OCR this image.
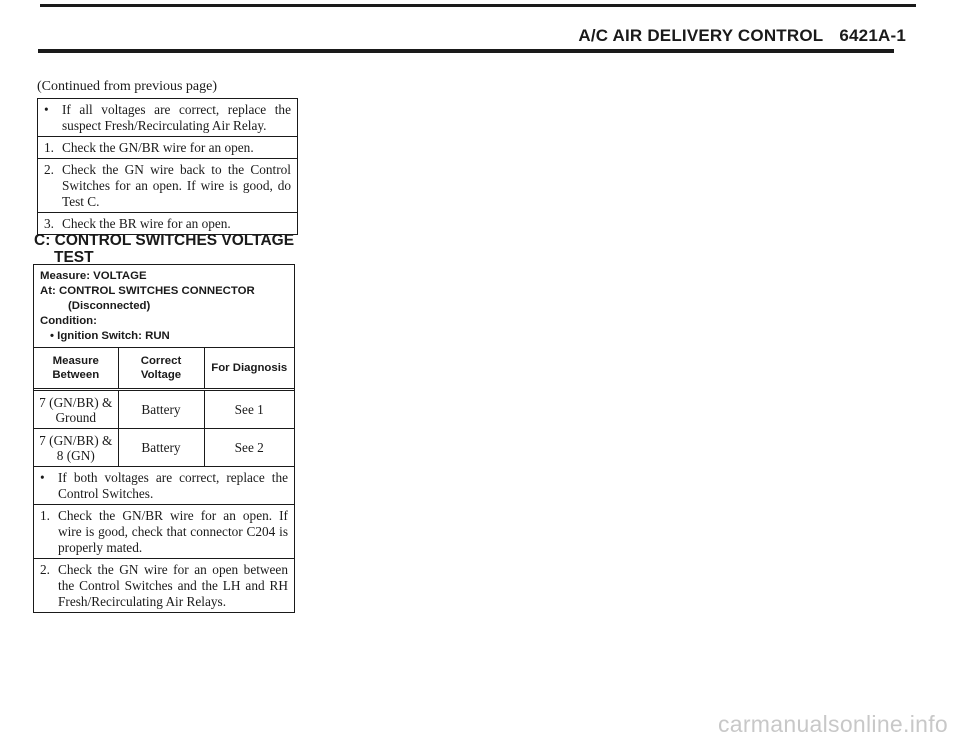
A/C AIR DELIVERY CONTROL 6421A-1
(Continued from previous page)
•	If all voltages are correct, replace the suspect Fresh/Recirculating Air Relay.
1. Check the GN/BR wire for an open.
2. Check the GN wire back to the Control Switches for an open. If wire is good, do Test C.
3. Check the BR wire for an open.
C: CONTROL SWITCHES VOLTAGE
TEST
Measure: VOLTAGE
At: CONTROL SWITCHES CONNECTOR
(Disconnected)
Condition:
• Ignition Switch: RUN
Measure Between	Correct Voltage	For Diagnosis
7 (GN/BR) & Ground	Battery	See 1
7 (GN/BR) & 8 (GN)	Battery	See 2
•	If both voltages are correct, replace the Control Switches.
1. Check the GN/BR wire for an open. If wire is good, check that connector C204 is properly mated.
2. Check the GN wire for an open between the Control Switches and the LH and RH Fresh/Recirculating Air Relays.
carmanualsonline.info
